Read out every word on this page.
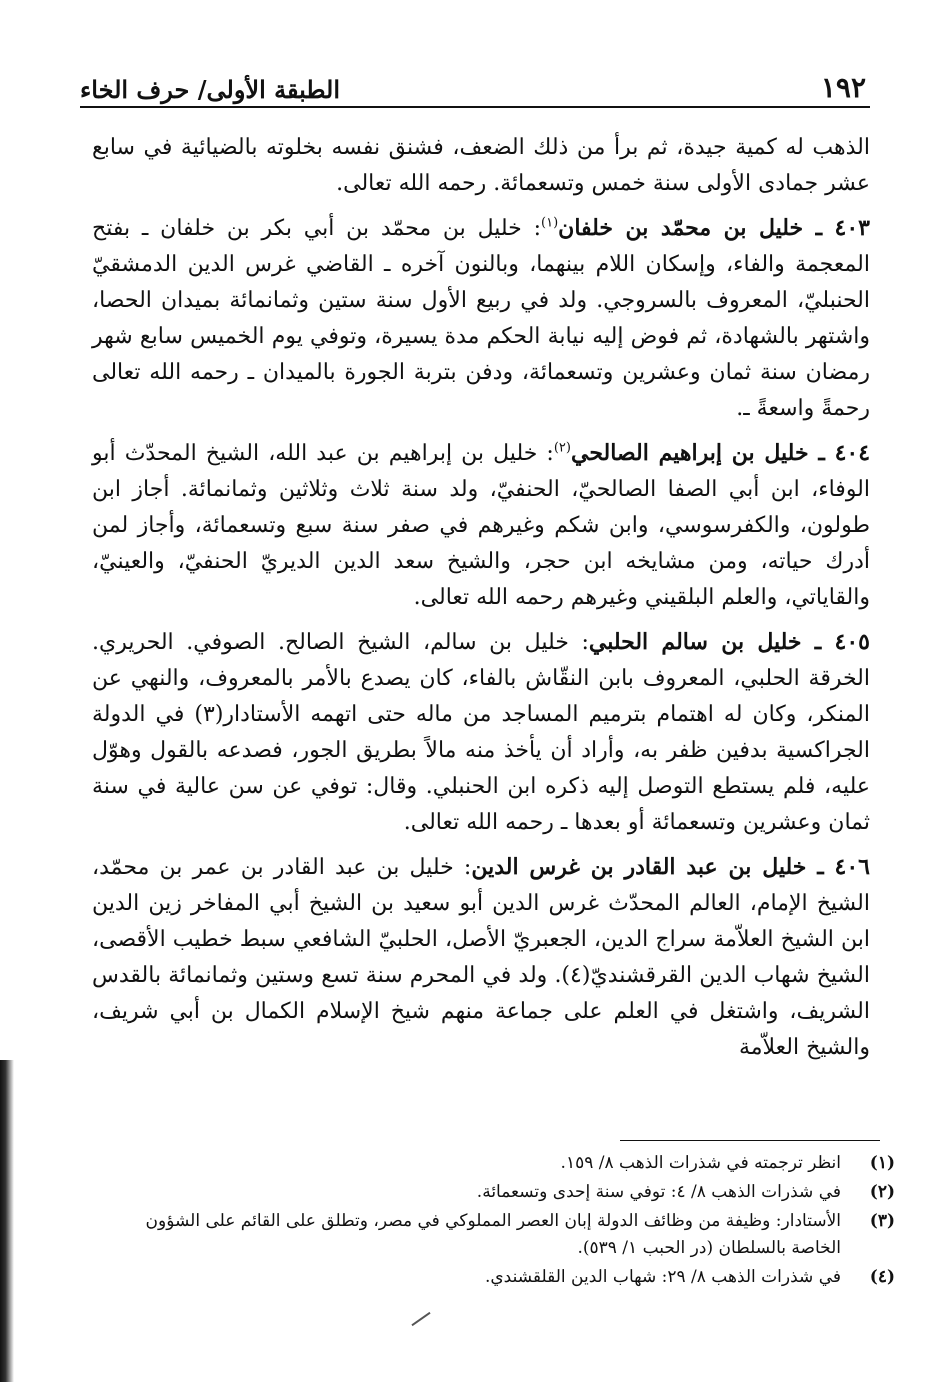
١٩٢
الطبقة الأولى/ حرف الخاء

الذهب له كمية جيدة، ثم برأ من ذلك الضعف، فشنق نفسه بخلوته بالضيائية في سابع عشر جمادى الأولى سنة خمس وتسعمائة. رحمه الله تعالى.

٤٠٣ ـ خليل بن محمّد بن خلفان$^{(١)}$: خليل بن محمّد بن أبي بكر بن خلفان ـ بفتح المعجمة والفاء، وإسكان اللام بينهما، وبالنون آخره ـ القاضي غرس الدين الدمشقيّ الحنبليّ، المعروف بالسروجي. ولد في ربيع الأول سنة ستين وثمانمائة بميدان الحصا، واشتهر بالشهادة، ثم فوض إليه نيابة الحكم مدة يسيرة، وتوفي يوم الخميس سابع شهر رمضان سنة ثمان وعشرين وتسعمائة، ودفن بتربة الجورة بالميدان ـ رحمه الله تعالى رحمةً واسعةً ـ.

٤٠٤ ـ خليل بن إبراهيم الصالحي$^{(٢)}$: خليل بن إبراهيم بن عبد الله، الشيخ المحدّث أبو الوفاء، ابن أبي الصفا الصالحيّ، الحنفيّ، ولد سنة ثلاث وثلاثين وثمانمائة. أجاز ابن طولون، والكفرسوسي، وابن شكم وغيرهم في صفر سنة سبع وتسعمائة، وأجاز لمن أدرك حياته، ومن مشايخه ابن حجر، والشيخ سعد الدين الديريّ الحنفيّ، والعينيّ، والقاياتي، والعلم البلقيني وغيرهم رحمه الله تعالى.

٤٠٥ ـ خليل بن سالم الحلبي: خليل بن سالم، الشيخ الصالح. الصوفي. الحريري. الخرقة الحلبي، المعروف بابن النقّاش بالفاء، كان يصدع بالأمر بالمعروف، والنهي عن المنكر، وكان له اهتمام بترميم المساجد من ماله حتى اتهمه الأستادار(٣) في الدولة الجراكسية بدفين ظفر به، وأراد أن يأخذ منه مالاً بطريق الجور، فصدعه بالقول وهوّل عليه، فلم يستطع التوصل إليه ذكره ابن الحنبلي. وقال: توفي عن سن عالية في سنة ثمان وعشرين وتسعمائة أو بعدها ـ رحمه الله تعالى.

٤٠٦ ـ خليل بن عبد القادر بن غرس الدين: خليل بن عبد القادر بن عمر بن محمّد، الشيخ الإمام، العالم المحدّث غرس الدين أبو سعيد بن الشيخ أبي المفاخر زين الدين ابن الشيخ العلاّمة سراج الدين، الجعبريّ الأصل، الحلبيّ الشافعي سبط خطيب الأقصى، الشيخ شهاب الدين القرقشنديّ(٤). ولد في المحرم سنة تسع وستين وثمانمائة بالقدس الشريف، واشتغل في العلم على جماعة منهم شيخ الإسلام الكمال بن أبي شريف، والشيخ العلاّمة

(١)
انظر ترجمته في شذرات الذهب ٨/ ١٥٩.
(٢)
في شذرات الذهب ٨/ ٤: توفي سنة إحدى وتسعمائة.
(٣)
الأستادار: وظيفة من وظائف الدولة إبان العصر المملوكي في مصر، وتطلق على القائم على الشؤون الخاصة بالسلطان (در الحبب ١/ ٥٣٩).
(٤)
في شذرات الذهب ٨/ ٢٩: شهاب الدين القلقشندي.
